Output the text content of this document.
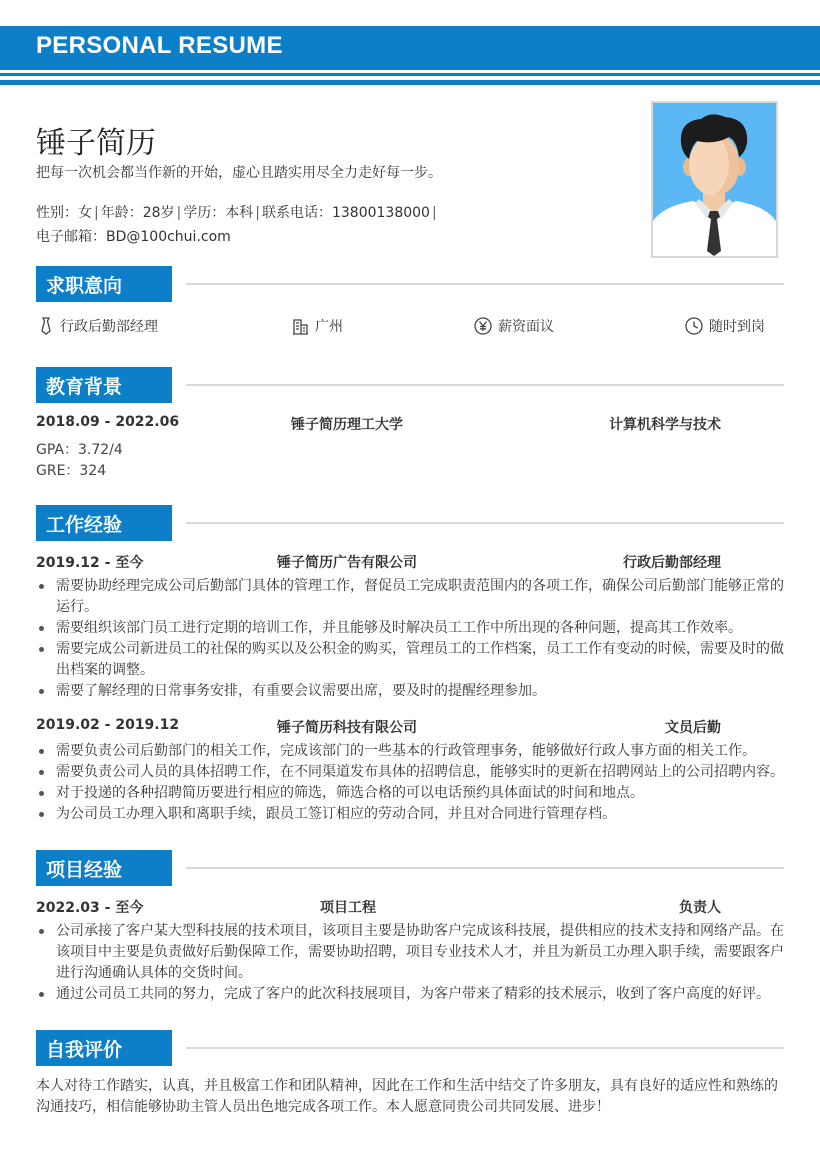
PERSONAL RESUME
锤子简历
把每一次机会都当作新的开始，虚心且踏实用尽全力走好每一步。
性别：女 | 年龄：28岁 | 学历：本科 | 联系电话：13800138000 |
电子邮箱：BD@100chui.com
求职意向
行政后勤部经理	广州	薪资面议	随时到岗
教育背景
2018.09 - 2022.06	锤子简历理工大学	计算机科学与技术
GPA：3.72/4
GRE：324
工作经验
2019.12 - 至今	锤子简历广告有限公司	行政后勤部经理
需要协助经理完成公司后勤部门具体的管理工作，督促员工完成职责范围内的各项工作，确保公司后勤部门能够正常的运行。
需要组织该部门员工进行定期的培训工作，并且能够及时解决员工工作中所出现的各种问题，提高其工作效率。
需要完成公司新进员工的社保的购买以及公积金的购买，管理员工的工作档案，员工工作有变动的时候，需要及时的做出档案的调整。
需要了解经理的日常事务安排，有重要会议需要出席，要及时的提醒经理参加。
2019.02 - 2019.12	锤子简历科技有限公司	文员后勤
需要负责公司后勤部门的相关工作，完成该部门的一些基本的行政管理事务，能够做好行政人事方面的相关工作。
需要负责公司人员的具体招聘工作，在不同渠道发布具体的招聘信息，能够实时的更新在招聘网站上的公司招聘内容。
对于投递的各种招聘简历要进行相应的筛选，筛选合格的可以电话预约具体面试的时间和地点。
为公司员工办理入职和离职手续，跟员工签订相应的劳动合同，并且对合同进行管理存档。
项目经验
2022.03 - 至今	项目工程	负责人
公司承接了客户某大型科技展的技术项目，该项目主要是协助客户完成该科技展，提供相应的技术支持和网络产品。在该项目中主要是负责做好后勤保障工作，需要协助招聘，项目专业技术人才，并且为新员工办理入职手续，需要跟客户进行沟通确认具体的交货时间。
通过公司员工共同的努力，完成了客户的此次科技展项目，为客户带来了精彩的技术展示，收到了客户高度的好评。
自我评价
本人对待工作踏实，认真，并且极富工作和团队精神，因此在工作和生活中结交了许多朋友，具有良好的适应性和熟练的沟通技巧，相信能够协助主管人员出色地完成各项工作。本人愿意同贵公司共同发展、进步！
